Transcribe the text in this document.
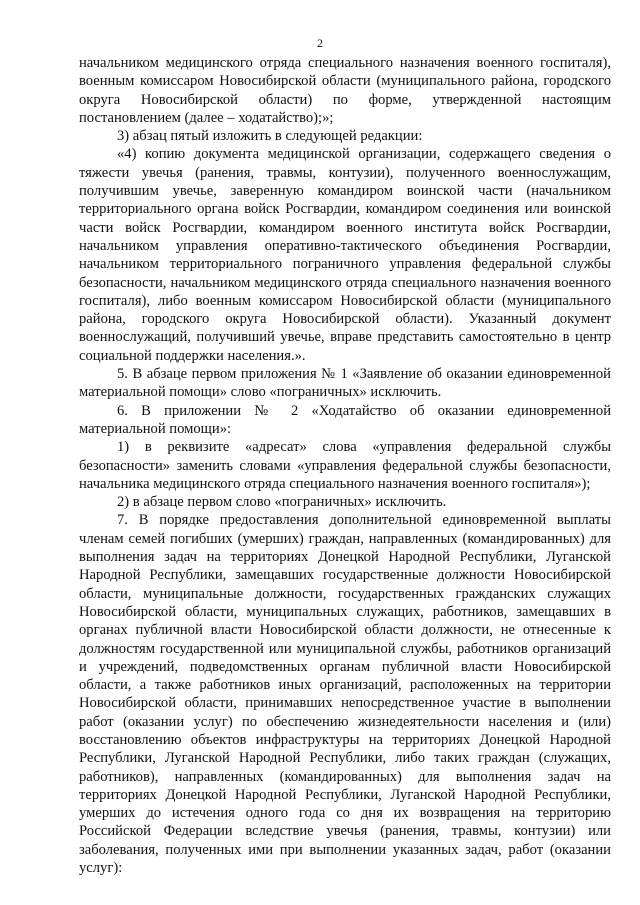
2

начальником медицинского отряда специального назначения военного госпиталя), военным комиссаром Новосибирской области (муниципального района, городского округа Новосибирской области) по форме, утвержденной настоящим постановлением (далее – ходатайство);»;

3) абзац пятый изложить в следующей редакции:

«4) копию документа медицинской организации, содержащего сведения о тяжести увечья (ранения, травмы, контузии), полученного военнослужащим, получившим увечье, заверенную командиром воинской части (начальником территориального органа войск Росгвардии, командиром соединения или воинской части войск Росгвардии, командиром военного института войск Росгвардии, начальником управления оперативно-тактического объединения Росгвардии, начальником территориального пограничного управления федеральной службы безопасности, начальником медицинского отряда специального назначения военного госпиталя), либо военным комиссаром Новосибирской области (муниципального района, городского округа Новосибирской области). Указанный документ военнослужащий, получивший увечье, вправе представить самостоятельно в центр социальной поддержки населения.».

5. В абзаце первом приложения № 1 «Заявление об оказании единовременной материальной помощи» слово «пограничных» исключить.

6. В приложении № 2 «Ходатайство об оказании единовременной материальной помощи»:

1) в реквизите «адресат» слова «управления федеральной службы безопасности» заменить словами «управления федеральной службы безопасности, начальника медицинского отряда специального назначения военного госпиталя»);

2) в абзаце первом слово «пограничных» исключить.

7. В порядке предоставления дополнительной единовременной выплаты членам семей погибших (умерших) граждан, направленных (командированных) для выполнения задач на территориях Донецкой Народной Республики, Луганской Народной Республики, замещавших государственные должности Новосибирской области, муниципальные должности, государственных гражданских служащих Новосибирской области, муниципальных служащих, работников, замещавших в органах публичной власти Новосибирской области должности, не отнесенные к должностям государственной или муниципальной службы, работников организаций и учреждений, подведомственных органам публичной власти Новосибирской области, а также работников иных организаций, расположенных на территории Новосибирской области, принимавших непосредственное участие в выполнении работ (оказании услуг) по обеспечению жизнедеятельности населения и (или) восстановлению объектов инфраструктуры на территориях Донецкой Народной Республики, Луганской Народной Республики, либо таких граждан (служащих, работников), направленных (командированных) для выполнения задач на территориях Донецкой Народной Республики, Луганской Народной Республики, умерших до истечения одного года со дня их возвращения на территорию Российской Федерации вследствие увечья (ранения, травмы, контузии) или заболевания, полученных ими при выполнении указанных задач, работ (оказании услуг):
